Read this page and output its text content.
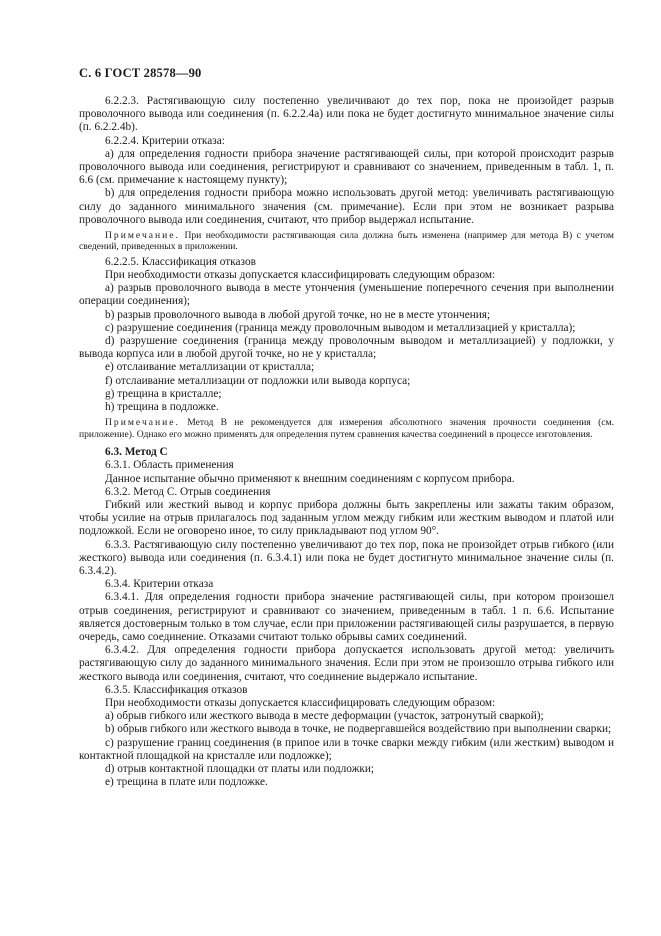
С. 6 ГОСТ 28578—90

6.2.2.3. Растягивающую силу постепенно увеличивают до тех пор, пока не произойдет разрыв проволочного вывода или соединения (п. 6.2.2.4а) или пока не будет достигнуто минимальное значение силы (п. 6.2.2.4b).

6.2.2.4. Критерии отказа:

а) для определения годности прибора значение растягивающей силы, при которой происходит разрыв проволочного вывода или соединения, регистрируют и сравнивают со значением, приведенным в табл. 1, п. 6.6 (см. примечание к настоящему пункту);

b) для определения годности прибора можно использовать другой метод: увеличивать растягивающую силу до заданного минимального значения (см. примечание). Если при этом не возникает разрыва проволочного вывода или соединения, считают, что прибор выдержал испытание.

Примечание. При необходимости растягивающая сила должна быть изменена (например для метода В) с учетом сведений, приведенных в приложении.

6.2.2.5. Классификация отказов

При необходимости отказы допускается классифицировать следующим образом:

а) разрыв проволочного вывода в месте утончения (уменьшение поперечного сечения при выполнении операции соединения);

b) разрыв проволочного вывода в любой другой точке, но не в месте утончения;

c) разрушение соединения (граница между проволочным выводом и металлизацией у кристалла);

d) разрушение соединения (граница между проволочным выводом и металлизацией) у подложки, у вывода корпуса или в любой другой точке, но не у кристалла;

e) отслаивание металлизации от кристалла;

f) отслаивание металлизации от подложки или вывода корпуса;

g) трещина в кристалле;

h) трещина в подложке.

Примечание. Метод В не рекомендуется для измерения абсолютного значения прочности соединения (см. приложение). Однако его можно применять для определения путем сравнения качества соединений в процессе изготовления.

6.3. Метод С

6.3.1. Область применения

Данное испытание обычно применяют к внешним соединениям с корпусом прибора.

6.3.2. Метод С. Отрыв соединения

Гибкий или жесткий вывод и корпус прибора должны быть закреплены или зажаты таким образом, чтобы усилие на отрыв прилагалось под заданным углом между гибким или жестким выводом и платой или подложкой. Если не оговорено иное, то силу прикладывают под углом 90°.

6.3.3. Растягивающую силу постепенно увеличивают до тех пор, пока не произойдет отрыв гибкого (или жесткого) вывода или соединения (п. 6.3.4.1) или пока не будет достигнуто минимальное значение силы (п. 6.3.4.2).

6.3.4. Критерии отказа

6.3.4.1. Для определения годности прибора значение растягивающей силы, при котором произошел отрыв соединения, регистрируют и сравнивают со значением, приведенным в табл. 1 п. 6.6. Испытание является достоверным только в том случае, если при приложении растягивающей силы разрушается, в первую очередь, само соединение. Отказами считают только обрывы самих соединений.

6.3.4.2. Для определения годности прибора допускается использовать другой метод: увеличить растягивающую силу до заданного минимального значения. Если при этом не произошло отрыва гибкого или жесткого вывода или соединения, считают, что соединение выдержало испытание.

6.3.5. Классификация отказов

При необходимости отказы допускается классифицировать следующим образом:

а) обрыв гибкого или жесткого вывода в месте деформации (участок, затронутый сваркой);

b) обрыв гибкого или жесткого вывода в точке, не подвергавшейся воздействию при выполнении сварки;

c) разрушение границ соединения (в припое или в точке сварки между гибким (или жестким) выводом и контактной площадкой на кристалле или подложке);

d) отрыв контактной площадки от платы или подложки;

e) трещина в плате или подложке.
